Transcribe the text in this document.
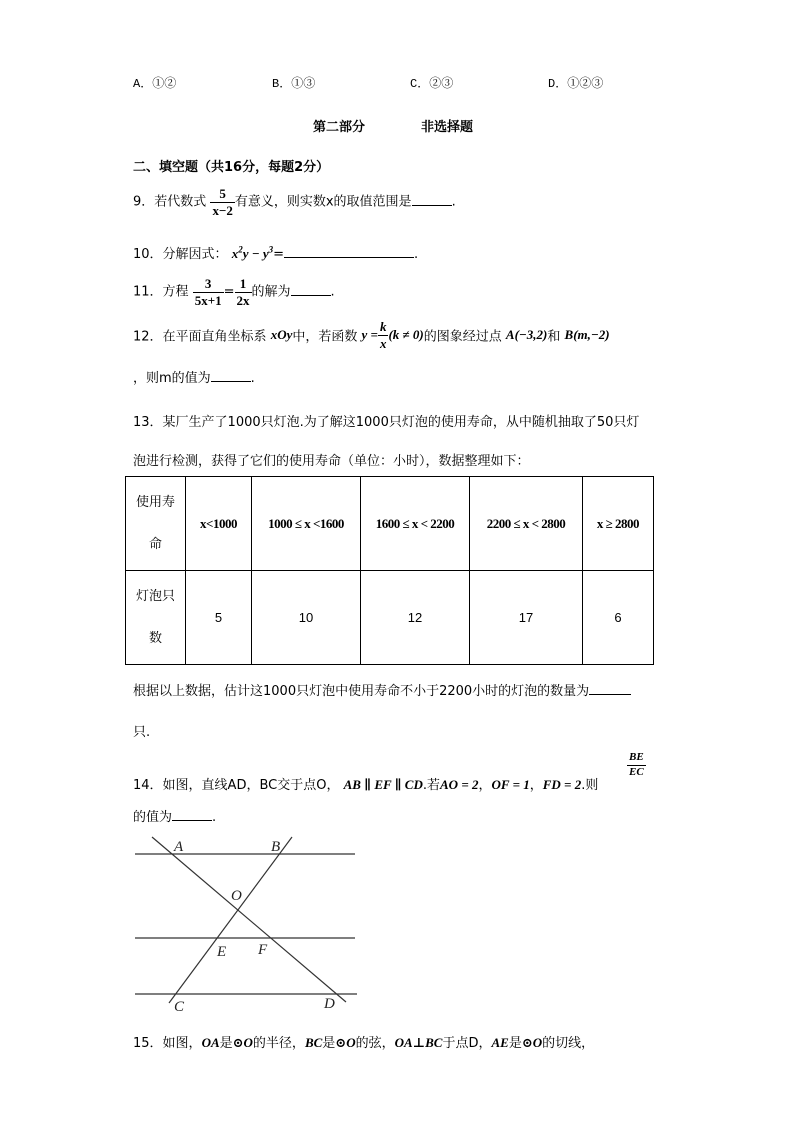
A．①②	B．①③	C．②③	D．①②③
第二部分	非选择题
二、填空题（共16分，每题2分）
9．若代数式 $\frac{5}{x-2}$ 有意义，则实数x的取值范围是	.
10．分解因式： $x^2y - y^3=$	.
11．方程 $\frac{3}{5x+1} = \frac{1}{2x}$ 的解为	.
12．在平面直角坐标系 xOy中，若函数 $y = \frac{k}{x} (k \ne 0)$的图象经过点 A(−3,2)和 B(m,−2)
，则m的值为	.
13．某厂生产了1000只灯泡.为了解这1000只灯泡的使用寿命，从中随机抽取了50只灯
泡进行检测，获得了它们的使用寿命（单位：小时），数据整理如下：
使用寿
命	x<1000	1000 ≤ x <1600	1600 ≤ x < 2200	2200 ≤ x < 2800	x ≥ 2800
灯泡只
数	5	10	12	17	6
根据以上数据，估计这1000只灯泡中使用寿命不小于2200小时的灯泡的数量为
只.
14．如图，直线AD，BC交于点O， AB ∥ EF ∥ CD.若AO = 2，OF = 1，FD = 2.则
$\frac{BE}{EC}$
的值为	.
A	B
O
E F
C	D
15．如图，OA是⊙O的半径，BC是⊙O的弦，OA⊥BC于点D，AE是⊙O的切线，
